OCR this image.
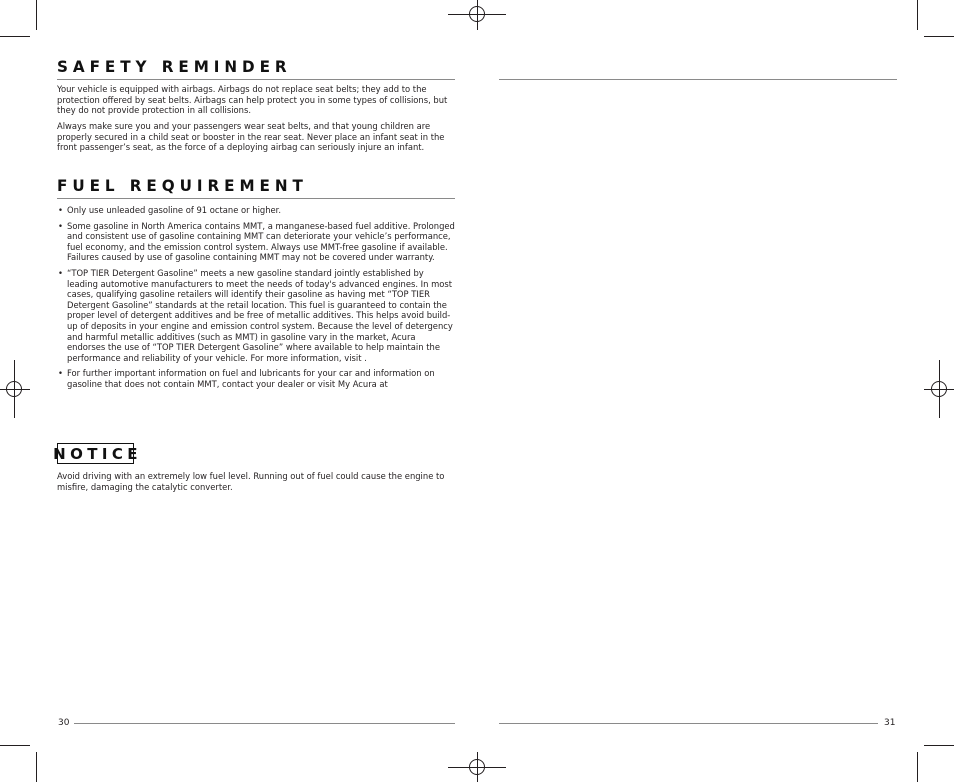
SAFETY REMINDER

Your vehicle is equipped with airbags. Airbags do not replace seat belts; they add to the protection offered by seat belts. Airbags can help protect you in some types of collisions, but they do not provide protection in all collisions.

Always make sure you and your passengers wear seat belts, and that young children are properly secured in a child seat or booster in the rear seat. Never place an infant seat in the front passenger’s seat, as the force of a deploying airbag can seriously injure an infant.

FUEL REQUIREMENT
• Only use unleaded gasoline of 91 octane or higher.
• Some gasoline in North America contains MMT, a manganese-based fuel additive. Prolonged and consistent use of gasoline containing MMT can deteriorate your vehicle’s performance, fuel economy, and the emission control system. Always use MMT-free gasoline if available. Failures caused by use of gasoline containing MMT may not be covered under warranty.
• “TOP TIER Detergent Gasoline” meets a new gasoline standard jointly established by leading automotive manufacturers to meet the needs of today's advanced engines. In most cases, qualifying gasoline retailers will identify their gasoline as having met “TOP TIER Detergent Gasoline” standards at the retail location. This fuel is guaranteed to contain the proper level of detergent additives and be free of metallic additives. This helps avoid build-up of deposits in your engine and emission control system. Because the level of detergency and harmful metallic additives (such as MMT) in gasoline vary in the market, Acura endorses the use of “TOP TIER Detergent Gasoline” where available to help maintain the performance and reliability of your vehicle. For more information, visit .
• For further important information on fuel and lubricants for your car and information on gasoline that does not contain MMT, contact your dealer or visit My Acura at
NOTICE

Avoid driving with an extremely low fuel level. Running out of fuel could cause the engine to misfire, damaging the catalytic converter.

30	31
